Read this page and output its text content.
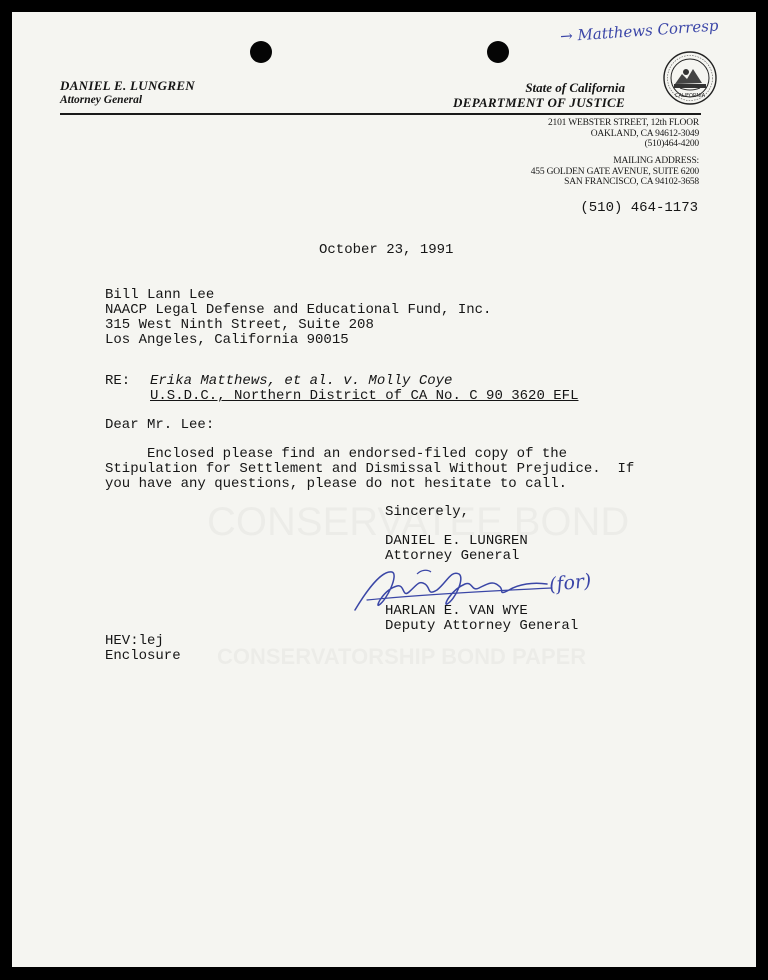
→ Matthews Corresp
DANIEL E. LUNGREN
Attorney General
State of California
DEPARTMENT OF JUSTICE	CALIFORNIA
2101 WEBSTER STREET, 12th FLOOR
OAKLAND, CA 94612-3049
(510)464-4200
MAILING ADDRESS:
455 GOLDEN GATE AVENUE, SUITE 6200
SAN FRANCISCO, CA 94102-3658
(510) 464-1173
October 23, 1991
Bill Lann Lee
NAACP Legal Defense and Educational Fund, Inc.
315 West Ninth Street, Suite 208
Los Angeles, California 90015
RE: Erika Matthews, et al. v. Molly Coye
U.S.D.C., Northern District of CA No. C 90 3620 EFL
Dear Mr. Lee:
Enclosed please find an endorsed-filed copy of the
Stipulation for Settlement and Dismissal Without Prejudice.  If
you have any questions, please do not hesitate to call.
Sincerely,
DANIEL E. LUNGREN
Attorney General
(for)
HARLAN E. VAN WYE
Deputy Attorney General
HEV:lej
Enclosure
